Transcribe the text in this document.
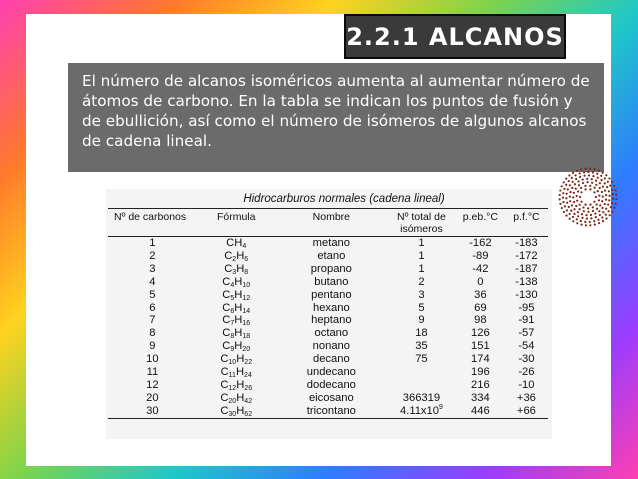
2.2.1 ALCANOS

El número de alcanos isoméricos aumenta al aumentar número de átomos de carbono. En la tabla se indican los puntos de fusión y de ebullición, así como el número de isómeros de algunos alcanos de cadena lineal.

Hidrocarburos normales (cadena lineal)
Nº de carbonos	Fórmula	Nombre	Nº total de isómeros	p.eb.°C	p.f.°C
1	$CH_4$	metano	1	-162	-183
2	$C_2H_6$	etano	1	-89	-172
3	$C_3H_8$	propano	1	-42	-187
4	$C_4H_{10}$	butano	2	0	-138
5	$C_5H_{12}$	pentano	3	36	-130
6	$C_6H_{14}$	hexano	5	69	-95
7	$C_7H_{16}$	heptano	9	98	-91
8	$C_8H_{18}$	octano	18	126	-57
9	$C_9H_{20}$	nonano	35	151	-54
10	$C_{10}H_{22}$	decano	75	174	-30
11	$C_{11}H_{24}$	undecano		196	-26
12	$C_{12}H_{26}$	dodecano		216	-10
20	$C_{20}H_{42}$	eicosano	366319	334	+36
30	$C_{30}H_{62}$	tricontano	$4.11x10^9$	446	+66
